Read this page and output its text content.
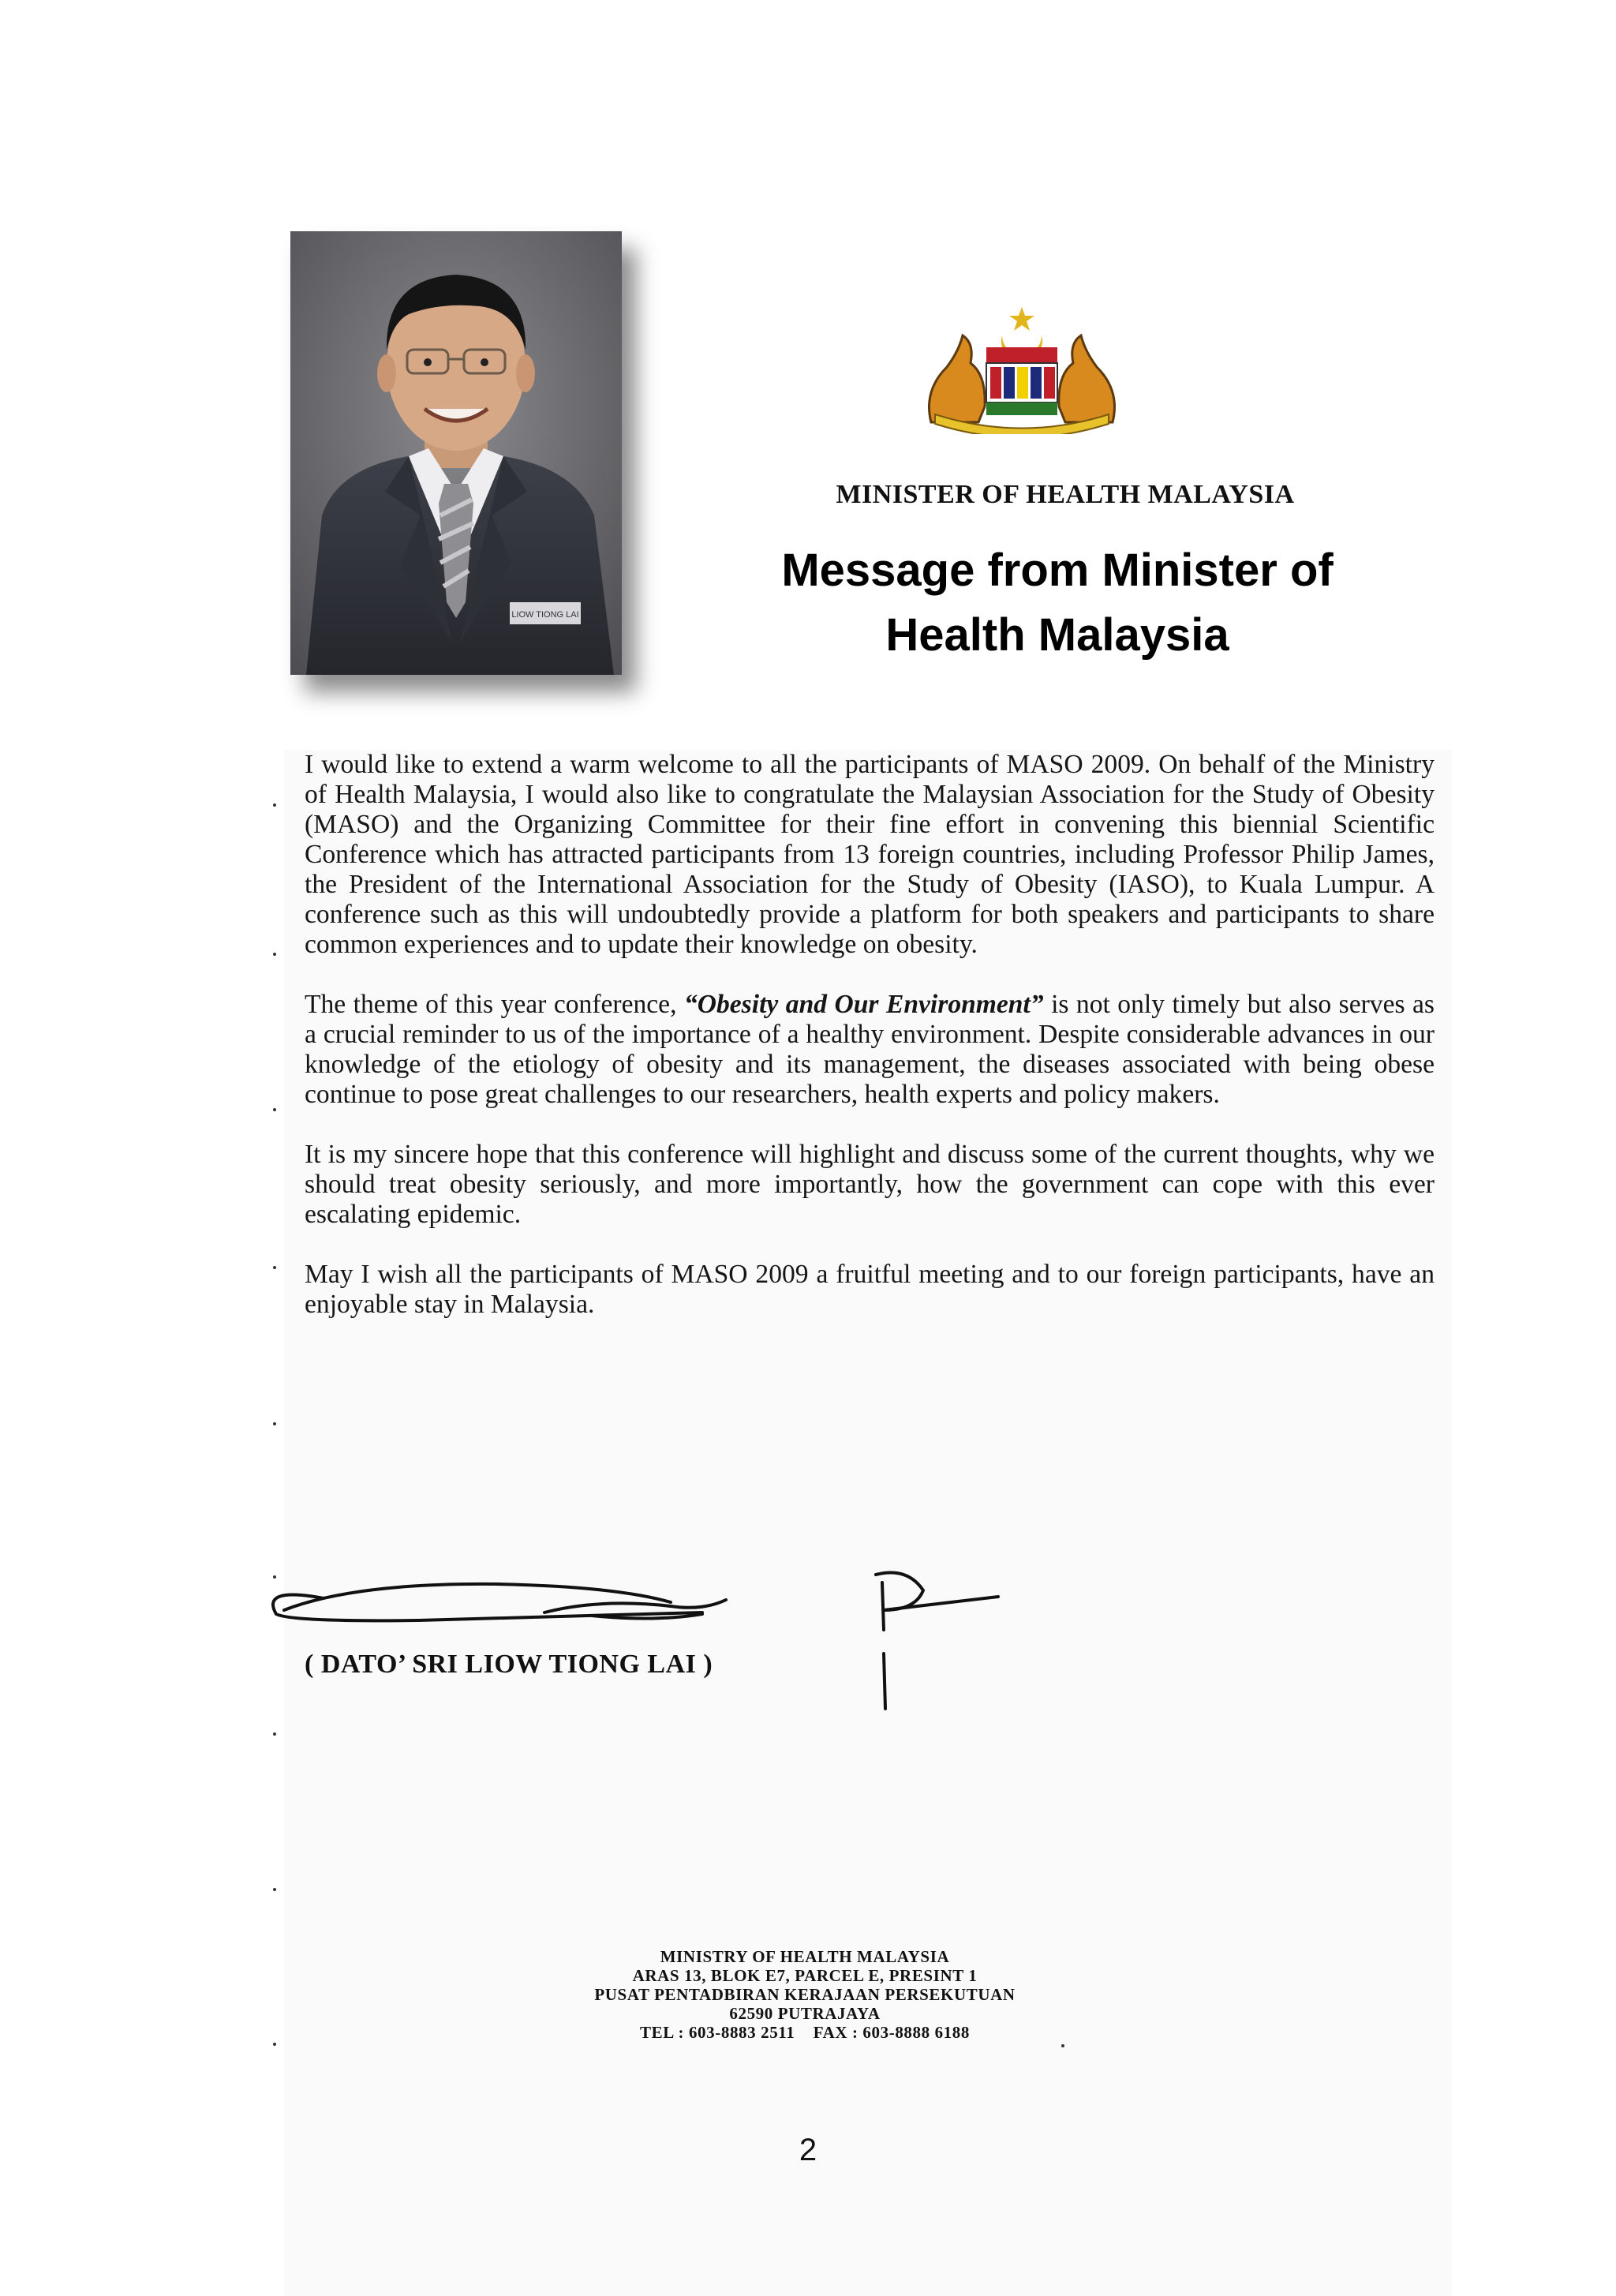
LIOW TIONG LAI
MINISTER OF HEALTH MALAYSIA
Message from Minister of
Health Malaysia

I would like to extend a warm welcome to all the participants of MASO 2009. On behalf of the Ministry of Health Malaysia, I would also like to congratulate the Malaysian Association for the Study of Obesity (MASO) and the Organizing Committee for their fine effort in convening this biennial Scientific Conference which has attracted participants from 13 foreign countries, including Professor Philip James, the President of the International Association for the Study of Obesity (IASO), to Kuala Lumpur. A conference such as this will undoubtedly provide a platform for both speakers and participants to share common experiences and to update their knowledge on obesity.

The theme of this year conference, “Obesity and Our Environment” is not only timely but also serves as a crucial reminder to us of the importance of a healthy environment. Despite considerable advances in our knowledge of the etiology of obesity and its management, the diseases associated with being obese continue to pose great challenges to our researchers, health experts and policy makers.

It is my sincere hope that this conference will highlight and discuss some of the current thoughts, why we should treat obesity seriously, and more importantly, how the government can cope with this ever escalating epidemic.

May I wish all the participants of MASO 2009 a fruitful meeting and to our foreign participants, have an enjoyable stay in Malaysia.

( DATO’ SRI LIOW TIONG LAI )
MINISTRY OF HEALTH MALAYSIA
ARAS 13, BLOK E7, PARCEL E, PRESINT 1
PUSAT PENTADBIRAN KERAJAAN PERSEKUTUAN
62590 PUTRAJAYA
TEL : 603-8883 2511    FAX : 603-8888 6188
2
